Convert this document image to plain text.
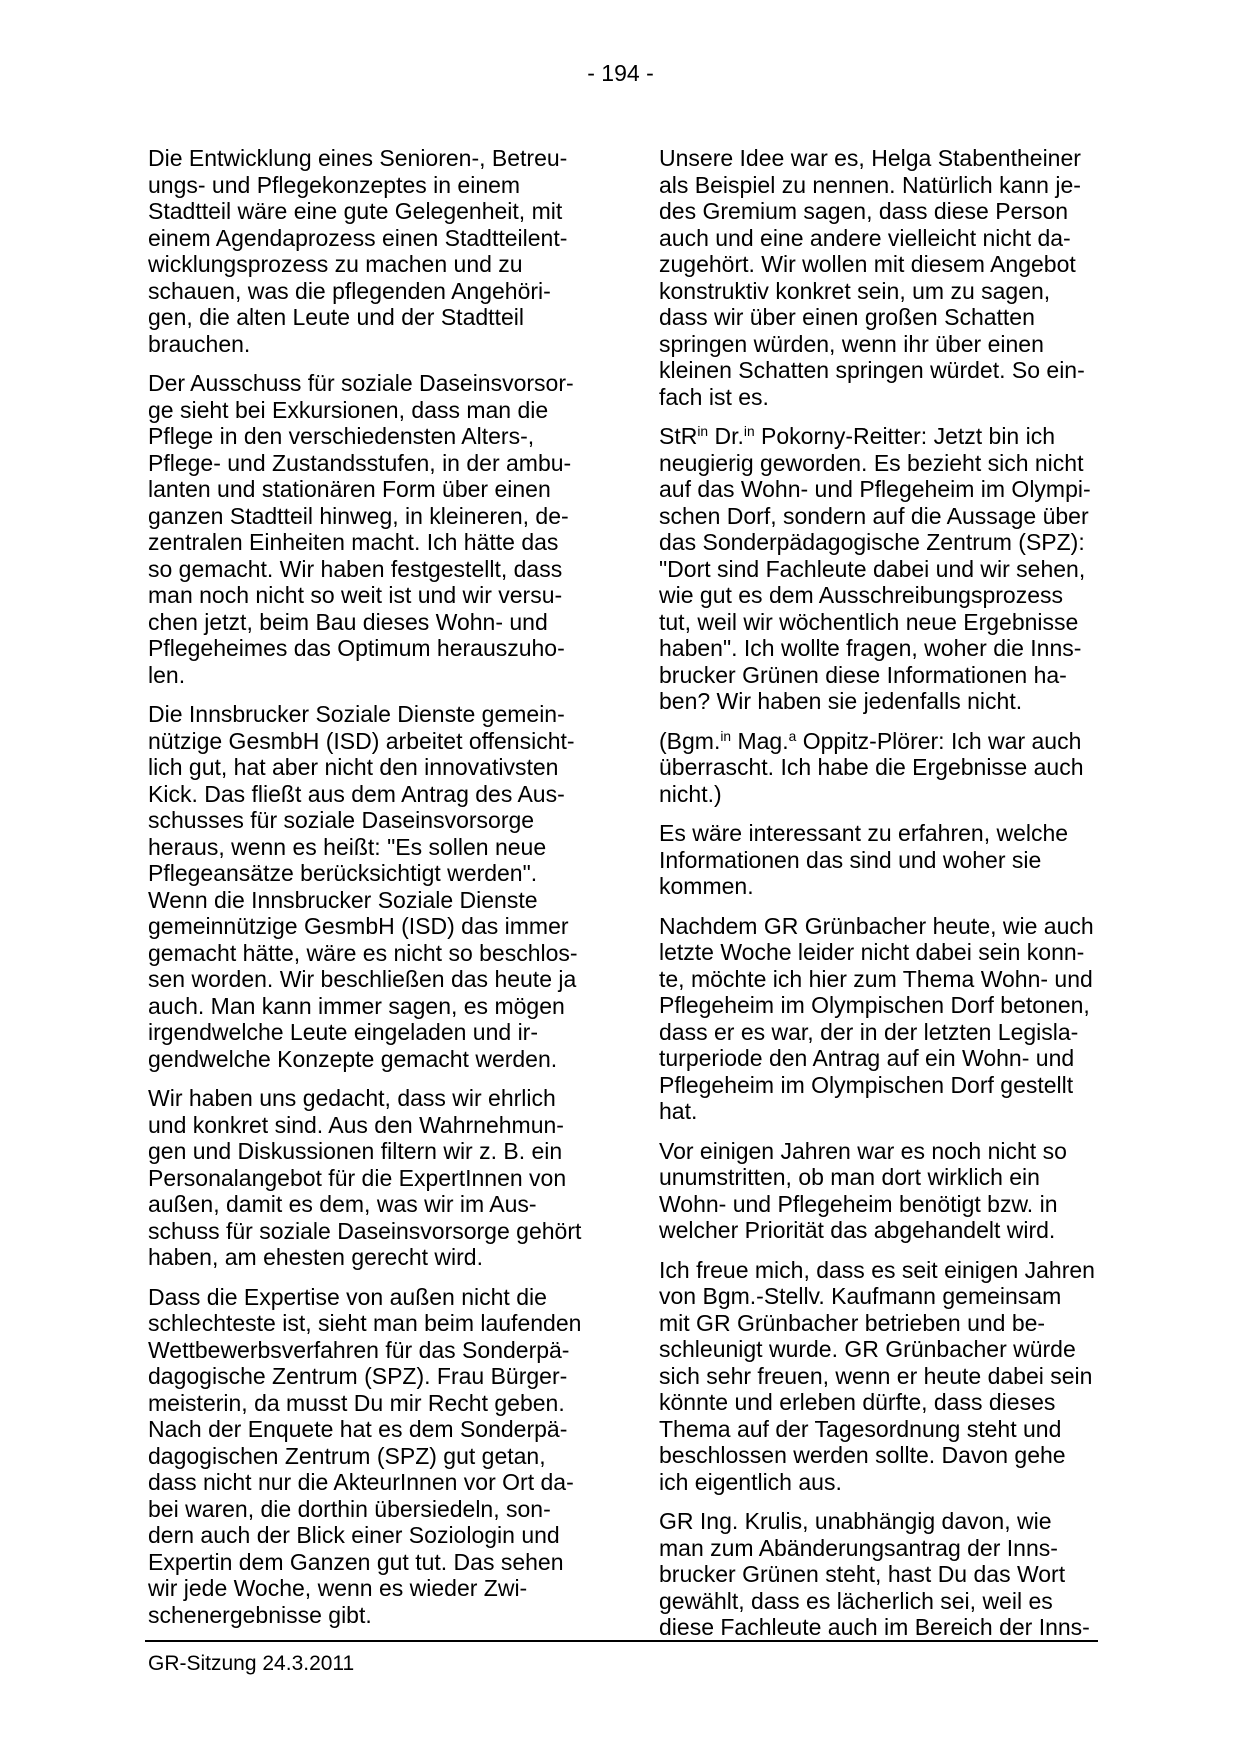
- 194 -
Die Entwicklung eines Senioren-, Betreu-
ungs- und Pflegekonzeptes in einem
Stadtteil wäre eine gute Gelegenheit, mit
einem Agendaprozess einen Stadtteilent-
wicklungsprozess zu machen und zu
schauen, was die pflegenden Angehöri-
gen, die alten Leute und der Stadtteil
brauchen.
Der Ausschuss für soziale Daseinsvorsor-
ge sieht bei Exkursionen, dass man die
Pflege in den verschiedensten Alters-,
Pflege- und Zustandsstufen, in der ambu-
lanten und stationären Form über einen
ganzen Stadtteil hinweg, in kleineren, de-
zentralen Einheiten macht. Ich hätte das
so gemacht. Wir haben festgestellt, dass
man noch nicht so weit ist und wir versu-
chen jetzt, beim Bau dieses Wohn- und
Pflegeheimes das Optimum herauszuho-
len.
Die Innsbrucker Soziale Dienste gemein-
nützige GesmbH (ISD) arbeitet offensicht-
lich gut, hat aber nicht den innovativsten
Kick. Das fließt aus dem Antrag des Aus-
schusses für soziale Daseinsvorsorge
heraus, wenn es heißt: "Es sollen neue
Pflegeansätze berücksichtigt werden".
Wenn die Innsbrucker Soziale Dienste
gemeinnützige GesmbH (ISD) das immer
gemacht hätte, wäre es nicht so beschlos-
sen worden. Wir beschließen das heute ja
auch. Man kann immer sagen, es mögen
irgendwelche Leute eingeladen und ir-
gendwelche Konzepte gemacht werden.
Wir haben uns gedacht, dass wir ehrlich
und konkret sind. Aus den Wahrnehmun-
gen und Diskussionen filtern wir z. B. ein
Personalangebot für die ExpertInnen von
außen, damit es dem, was wir im Aus-
schuss für soziale Daseinsvorsorge gehört
haben, am ehesten gerecht wird.
Dass die Expertise von außen nicht die
schlechteste ist, sieht man beim laufenden
Wettbewerbsverfahren für das Sonderpä-
dagogische Zentrum (SPZ). Frau Bürger-
meisterin, da musst Du mir Recht geben.
Nach der Enquete hat es dem Sonderpä-
dagogischen Zentrum (SPZ) gut getan,
dass nicht nur die AkteurInnen vor Ort da-
bei waren, die dorthin übersiedeln, son-
dern auch der Blick einer Soziologin und
Expertin dem Ganzen gut tut. Das sehen
wir jede Woche, wenn es wieder Zwi-
schenergebnisse gibt.
Unsere Idee war es, Helga Stabentheiner
als Beispiel zu nennen. Natürlich kann je-
des Gremium sagen, dass diese Person
auch und eine andere vielleicht nicht da-
zugehört. Wir wollen mit diesem Angebot
konstruktiv konkret sein, um zu sagen,
dass wir über einen großen Schatten
springen würden, wenn ihr über einen
kleinen Schatten springen würdet. So ein-
fach ist es.
StR$^{in}$ Dr.$^{in}$ Pokorny-Reitter: Jetzt bin ich
neugierig geworden. Es bezieht sich nicht
auf das Wohn- und Pflegeheim im Olympi-
schen Dorf, sondern auf die Aussage über
das Sonderpädagogische Zentrum (SPZ):
"Dort sind Fachleute dabei und wir sehen,
wie gut es dem Ausschreibungsprozess
tut, weil wir wöchentlich neue Ergebnisse
haben". Ich wollte fragen, woher die Inns-
brucker Grünen diese Informationen ha-
ben? Wir haben sie jedenfalls nicht.
(Bgm.$^{in}$ Mag.$^a$ Oppitz-Plörer: Ich war auch
überrascht. Ich habe die Ergebnisse auch
nicht.)
Es wäre interessant zu erfahren, welche
Informationen das sind und woher sie
kommen.
Nachdem GR Grünbacher heute, wie auch
letzte Woche leider nicht dabei sein konn-
te, möchte ich hier zum Thema Wohn- und
Pflegeheim im Olympischen Dorf betonen,
dass er es war, der in der letzten Legisla-
turperiode den Antrag auf ein Wohn- und
Pflegeheim im Olympischen Dorf gestellt
hat.
Vor einigen Jahren war es noch nicht so
unumstritten, ob man dort wirklich ein
Wohn- und Pflegeheim benötigt bzw. in
welcher Priorität das abgehandelt wird.
Ich freue mich, dass es seit einigen Jahren
von Bgm.-Stellv. Kaufmann gemeinsam
mit GR Grünbacher betrieben und be-
schleunigt wurde. GR Grünbacher würde
sich sehr freuen, wenn er heute dabei sein
könnte und erleben dürfte, dass dieses
Thema auf der Tagesordnung steht und
beschlossen werden sollte. Davon gehe
ich eigentlich aus.
GR Ing. Krulis, unabhängig davon, wie
man zum Abänderungsantrag der Inns-
brucker Grünen steht, hast Du das Wort
gewählt, dass es lächerlich sei, weil es
diese Fachleute auch im Bereich der Inns-
GR-Sitzung 24.3.2011
